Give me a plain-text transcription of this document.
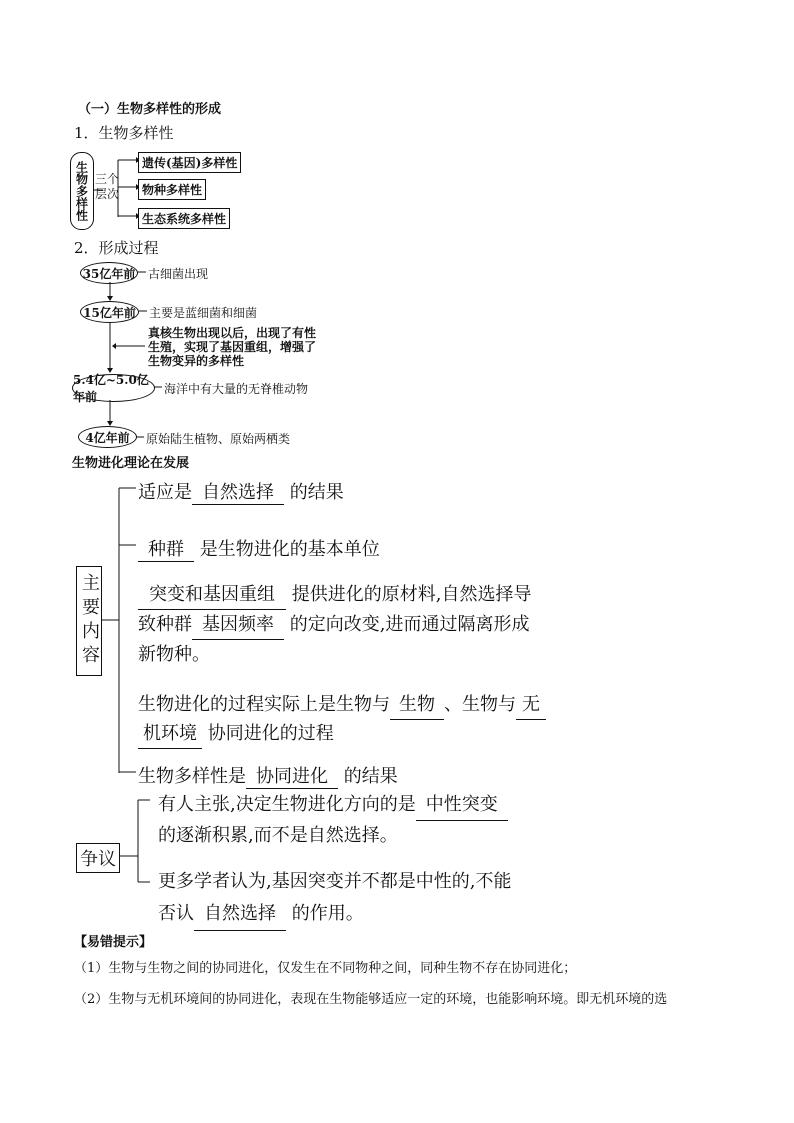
（一）生物多样性的形成
1．生物多样性
生物多样性 三个层次
遗传(基因)多样性
物种多样性
生态系统多样性
2．形成过程
35亿年前 古细菌出现
15亿年前 主要是蓝细菌和细菌
真核生物出现以后，出现了有性
生殖，实现了基因重组，增强了
生物变异的多样性
5.4亿~5.0亿年前
海洋中有大量的无脊椎动物
4亿年前 原始陆生植物、原始两栖类
生物进化理论在发展
主要内容
适应是 自然选择 的结果
种群 是生物进化的基本单位
突变和基因重组 提供进化的原材料,自然选择导
致种群 基因频率 的定向改变,进而通过隔离形成
新物种。
生物进化的过程实际上是生物与 生物 、生物与 无
机环境 协同进化的过程
生物多样性是 协同进化 的结果
争议
有人主张,决定生物进化方向的是 中性突变
的逐渐积累,而不是自然选择。
更多学者认为,基因突变并不都是中性的,不能
否认 自然选择 的作用。
【易错提示】
（1）生物与生物之间的协同进化，仅发生在不同物种之间，同种生物不存在协同进化；
（2）生物与无机环境间的协同进化，表现在生物能够适应一定的环境，也能影响环境。即无机环境的选
